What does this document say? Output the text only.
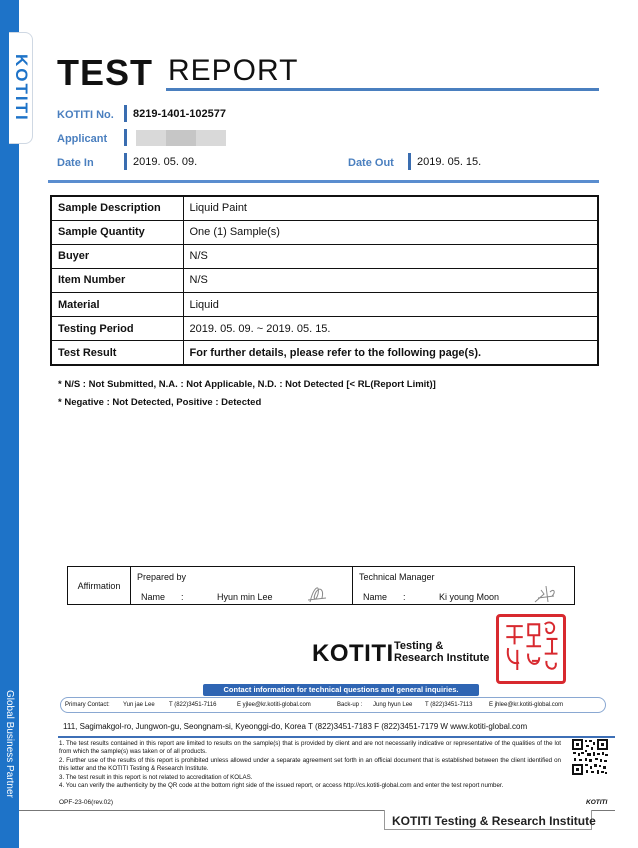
KOTITI
Global Business Partner
TEST REPORT
KOTITI No. 8219-1401-102577
Applicant
Date In	2019. 05. 09.	Date Out 2019. 05. 15.
Sample Description	Liquid Paint
Sample Quantity	One (1) Sample(s)
Buyer	N/S
Item Number	N/S
Material	Liquid
Testing Period	2019. 05. 09. ~ 2019. 05. 15.
Test Result	For further details, please refer to the following page(s).
* N/S : Not Submitted, N.A. : Not Applicable, N.D. : Not Detected [< RL(Report Limit)]
* Negative : Not Detected, Positive : Detected
Affirmation	Prepared by	Technical Manager
	Name : Hyun min Lee	Name : Ki young Moon
KOTITI Testing &
Research Institute
Contact information for technical questions and general inquiries.
Primary Contact: Yun jae Lee T (822)3451-7116	E yjlee@kr.kotiti-global.com	Back-up : Jung hyun Lee T (822)3451-7113	E jhlee@kr.kotiti-global.com
111, Sagimakgol-ro, Jungwon-gu, Seongnam-si, Kyeonggi-do, Korea T (822)3451-7183 F (822)3451-7179 W www.kotiti-global.com
1. The test results contained in this report are limited to results on the sample(s) that is provided by client and are not necessarily indicative or representative of the qualities of the lot from which the sample(s) was taken or of all products.
2. Further use of the results of this report is prohibited unless allowed under a separate agreement set forth in an official document that is established between the client identified on this letter and the KOTITI Testing & Research Institute.
3. The test result in this report is not related to accreditation of KOLAS.
4. You can verify the authenticity by the QR code at the bottom right side of the issued report, or access http://cs.kotiti-global.com and enter the test report number.
OPF-23-06(rev.02)	KOTITI
KOTITI Testing & Research Institute
